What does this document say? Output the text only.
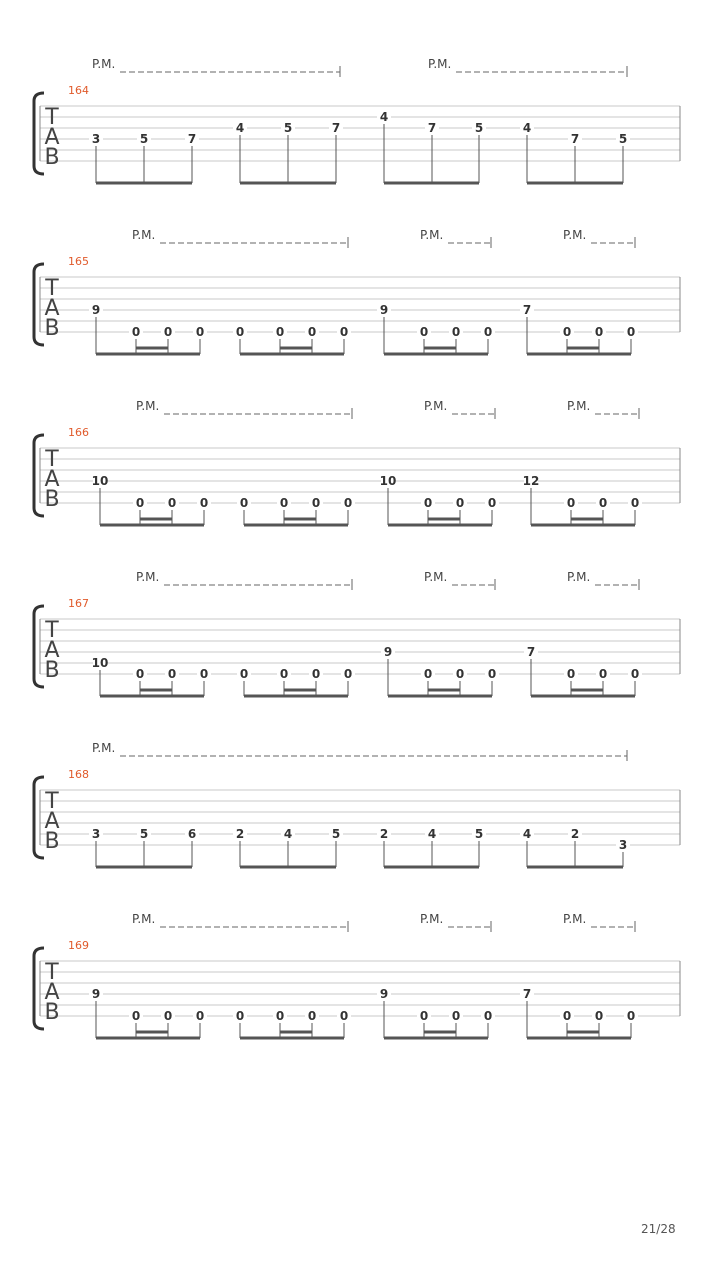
T
A
B
164
P.M.	P.M.
3	5	7
4	5	7
4
7	5	4
7	5
T
A
B
165
P.M.	P.M.	P.M.
9
0 0 0	0	0 0 0
9
0 0 0
7
0 0 0
T
A
B
166
P.M.	P.M.	P.M.
10
0 0 0	0	0 0 0
10
0 0 0
12
0 0 0
T
A
B
167
P.M.	P.M.	P.M.
10
0 0 0	0	0 0 0
9
0 0 0
7
0 0 0
T
A
B
168
P.M.
3	5	6	2	4	5	2	4	5	4	2
3
T
A
B
169
P.M.	P.M.	P.M.
9
0 0 0	0	0 0 0
9
0 0 0
7
0 0 0
21/28
